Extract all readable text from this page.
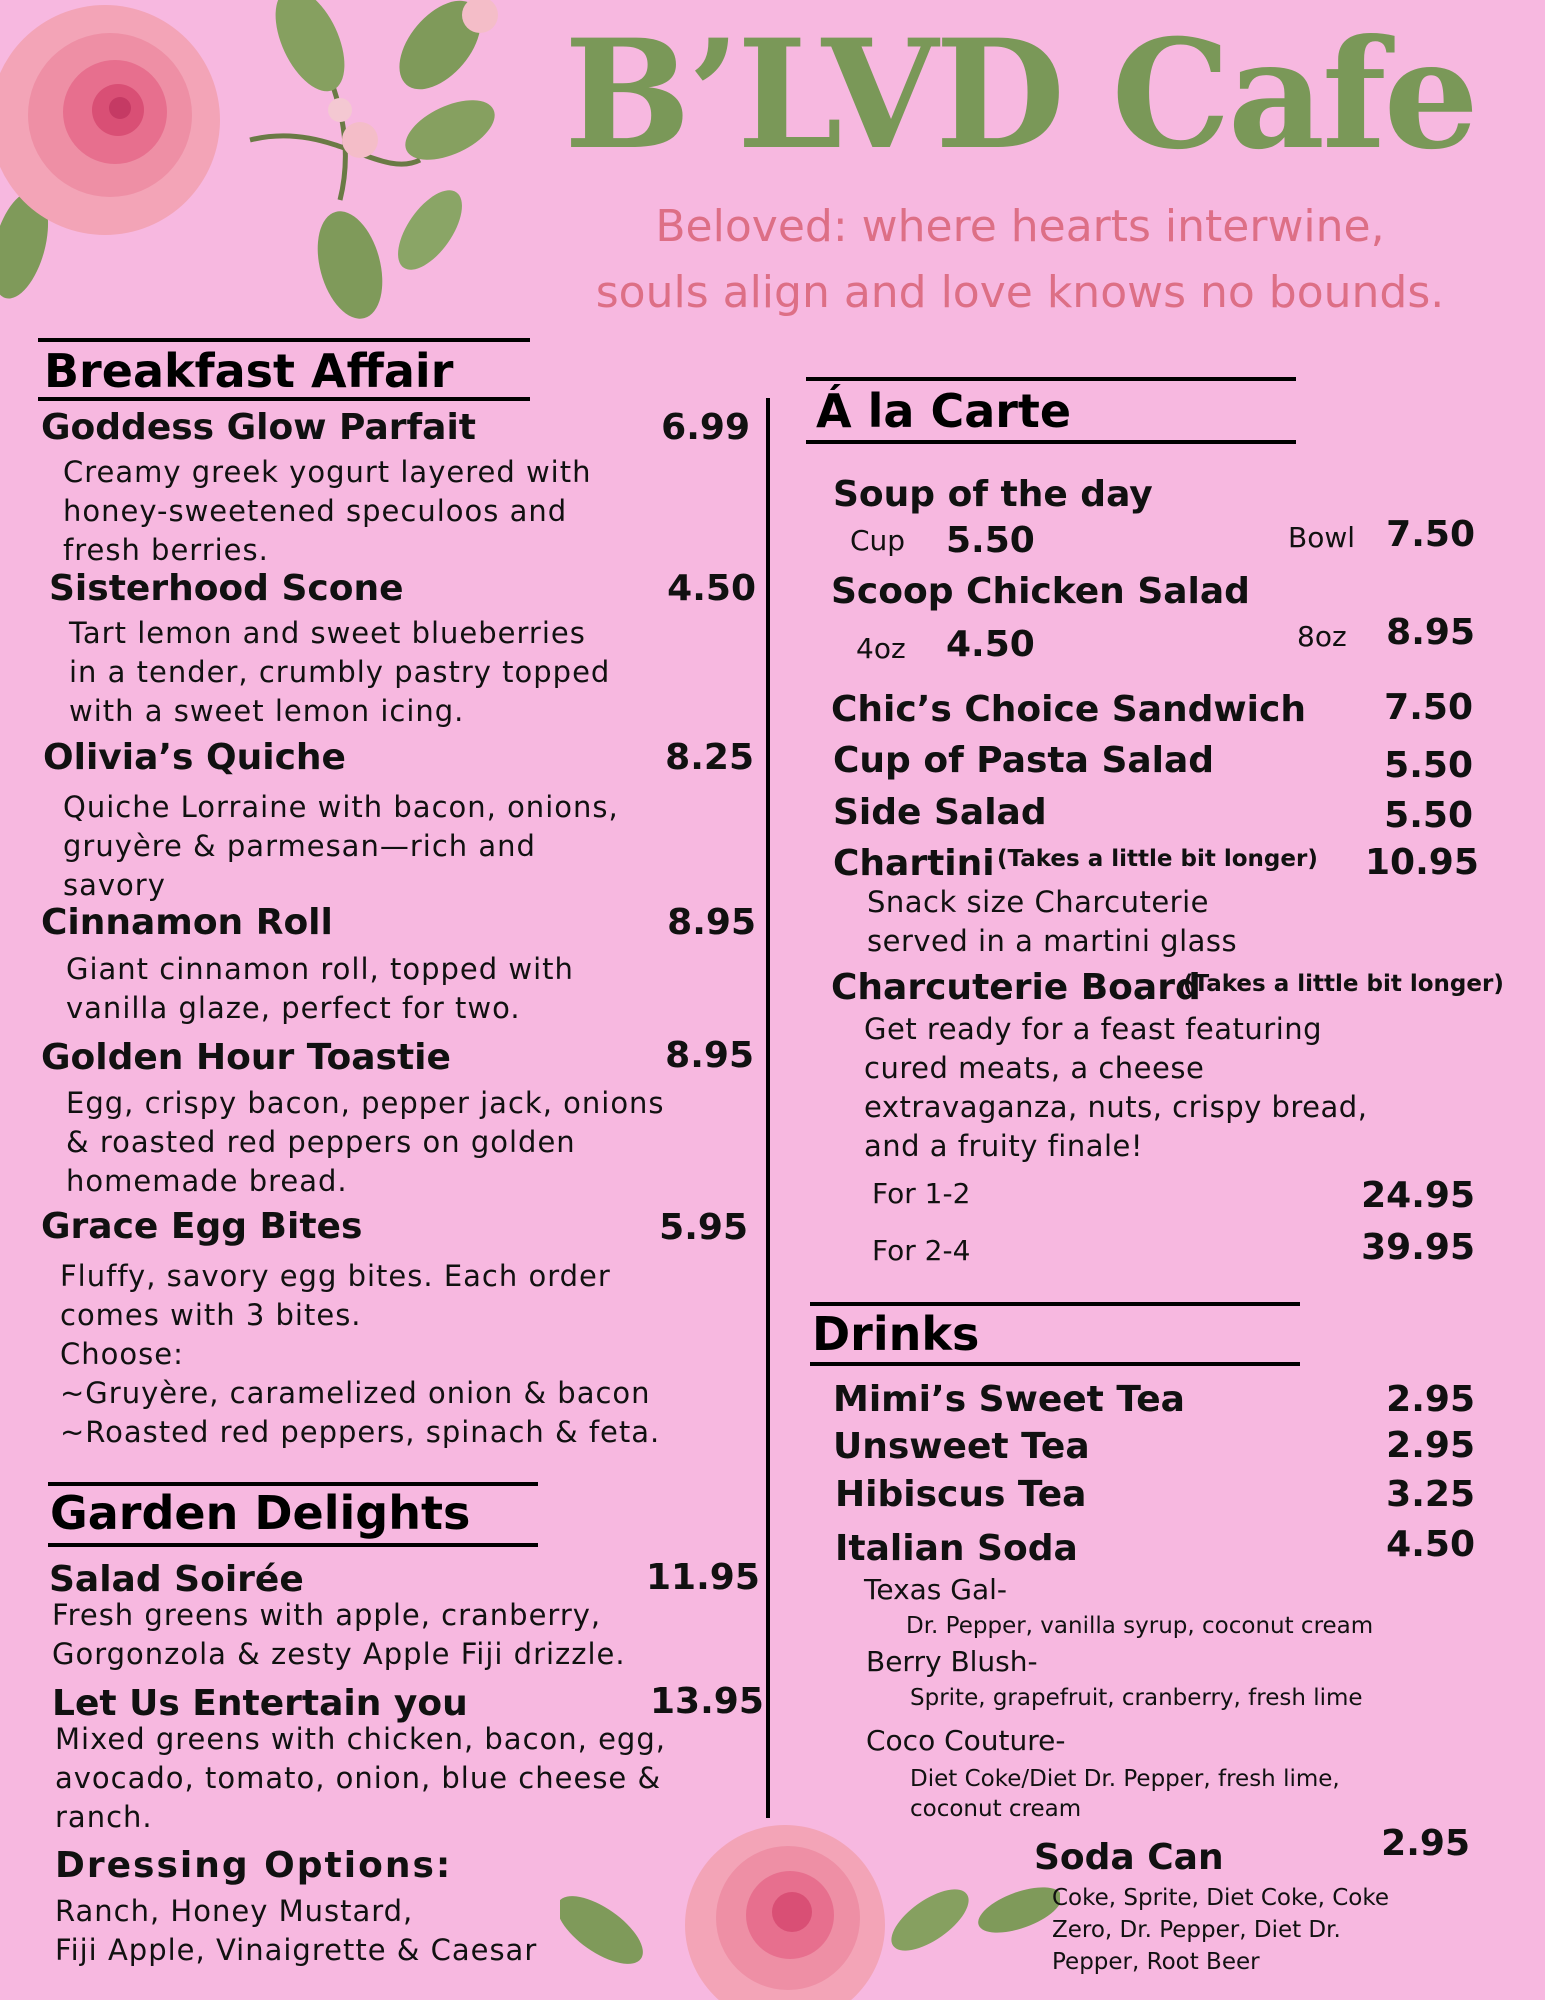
B’LVD Cafe
Beloved: where hearts interwine,
souls align and love knows no bounds.
Breakfast Affair
Goddess Glow Parfait	6.99
Creamy greek yogurt layered with
honey-sweetened speculoos and
fresh berries.
Sisterhood Scone	4.50
Tart lemon and sweet blueberries
in a tender, crumbly pastry topped
with a sweet lemon icing.
Olivia’s Quiche	8.25
Quiche Lorraine with bacon, onions,
gruyère & parmesan—rich and
savory
Cinnamon Roll	8.95
Giant cinnamon roll, topped with
vanilla glaze, perfect for two.
Golden Hour Toastie	8.95
Egg, crispy bacon, pepper jack, onions
& roasted red peppers on golden
homemade bread.
Grace Egg Bites	5.95
Fluffy, savory egg bites. Each order
comes with 3 bites.
Choose:
~Gruyère, caramelized onion & bacon
~Roasted red peppers, spinach & feta.
Garden Delights
Salad Soirée	11.95
Fresh greens with apple, cranberry,
Gorgonzola & zesty Apple Fiji drizzle.
Let Us Entertain you	13.95
Mixed greens with chicken, bacon, egg,
avocado, tomato, onion, blue cheese &
ranch.
Dressing Options:
Ranch, Honey Mustard,
Fiji Apple, Vinaigrette & Caesar
Á la Carte
Soup of the day
Cup 5.50	Bowl 7.50
Scoop Chicken Salad
4oz 4.50	8oz	8.95
Chic’s Choice Sandwich	7.50
Cup of Pasta Salad	5.50
Side Salad	5.50
Chartini (Takes a little bit longer) 10.95
Snack size Charcuterie
served in a martini glass
Charcuterie Board
(Takes a little bit longer)
Get ready for a feast featuring
cured meats, a cheese
extravaganza, nuts, crispy bread,
and a fruity finale!
For 1-2	24.95
For 2-4	39.95
Drinks
Mimi’s Sweet Tea	2.95
Unsweet Tea	2.95
Hibiscus Tea	3.25
Italian Soda	4.50
Texas Gal-
Dr. Pepper, vanilla syrup, coconut cream
Berry Blush-
Sprite, grapefruit, cranberry, fresh lime
Coco Couture-
Diet Coke/Diet Dr. Pepper, fresh lime,
coconut cream
Soda Can	2.95
Coke, Sprite, Diet Coke, Coke
Zero, Dr. Pepper, Diet Dr.
Pepper, Root Beer
